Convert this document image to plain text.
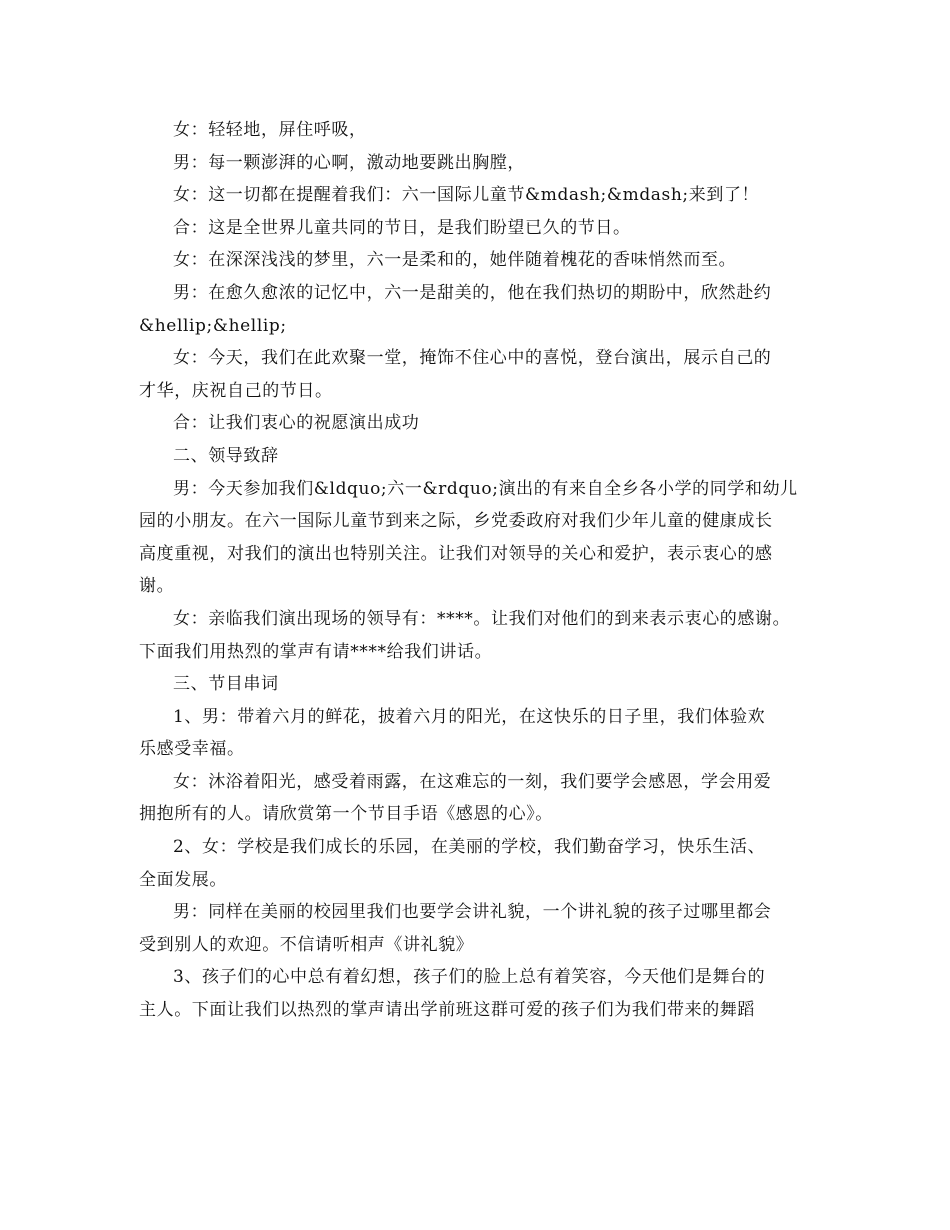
女：轻轻地，屏住呼吸，

男：每一颗澎湃的心啊，激动地要跳出胸膛，

女：这一切都在提醒着我们：六一国际儿童节&mdash;&mdash;来到了！

合：这是全世界儿童共同的节日，是我们盼望已久的节日。

女：在深深浅浅的梦里，六一是柔和的，她伴随着槐花的香味悄然而至。

男：在愈久愈浓的记忆中，六一是甜美的，他在我们热切的期盼中，欣然赴约
&hellip;&hellip;

女：今天，我们在此欢聚一堂，掩饰不住心中的喜悦，登台演出，展示自己的
才华，庆祝自己的节日。

合：让我们衷心的祝愿演出成功

二、领导致辞

男：今天参加我们&ldquo;六一&rdquo;演出的有来自全乡各小学的同学和幼儿
园的小朋友。在六一国际儿童节到来之际，乡党委政府对我们少年儿童的健康成长
高度重视，对我们的演出也特别关注。让我们对领导的关心和爱护，表示衷心的感
谢。

女：亲临我们演出现场的领导有：****。让我们对他们的到来表示衷心的感谢。
下面我们用热烈的掌声有请****给我们讲话。

三、节目串词

1、男：带着六月的鲜花，披着六月的阳光，在这快乐的日子里，我们体验欢
乐感受幸福。

女：沐浴着阳光，感受着雨露，在这难忘的一刻，我们要学会感恩，学会用爱
拥抱所有的人。请欣赏第一个节目手语《感恩的心》。

2、女：学校是我们成长的乐园，在美丽的学校，我们勤奋学习，快乐生活、
全面发展。

男：同样在美丽的校园里我们也要学会讲礼貌，一个讲礼貌的孩子过哪里都会
受到别人的欢迎。不信请听相声《讲礼貌》

3、孩子们的心中总有着幻想，孩子们的脸上总有着笑容，今天他们是舞台的
主人。下面让我们以热烈的掌声请出学前班这群可爱的孩子们为我们带来的舞蹈
